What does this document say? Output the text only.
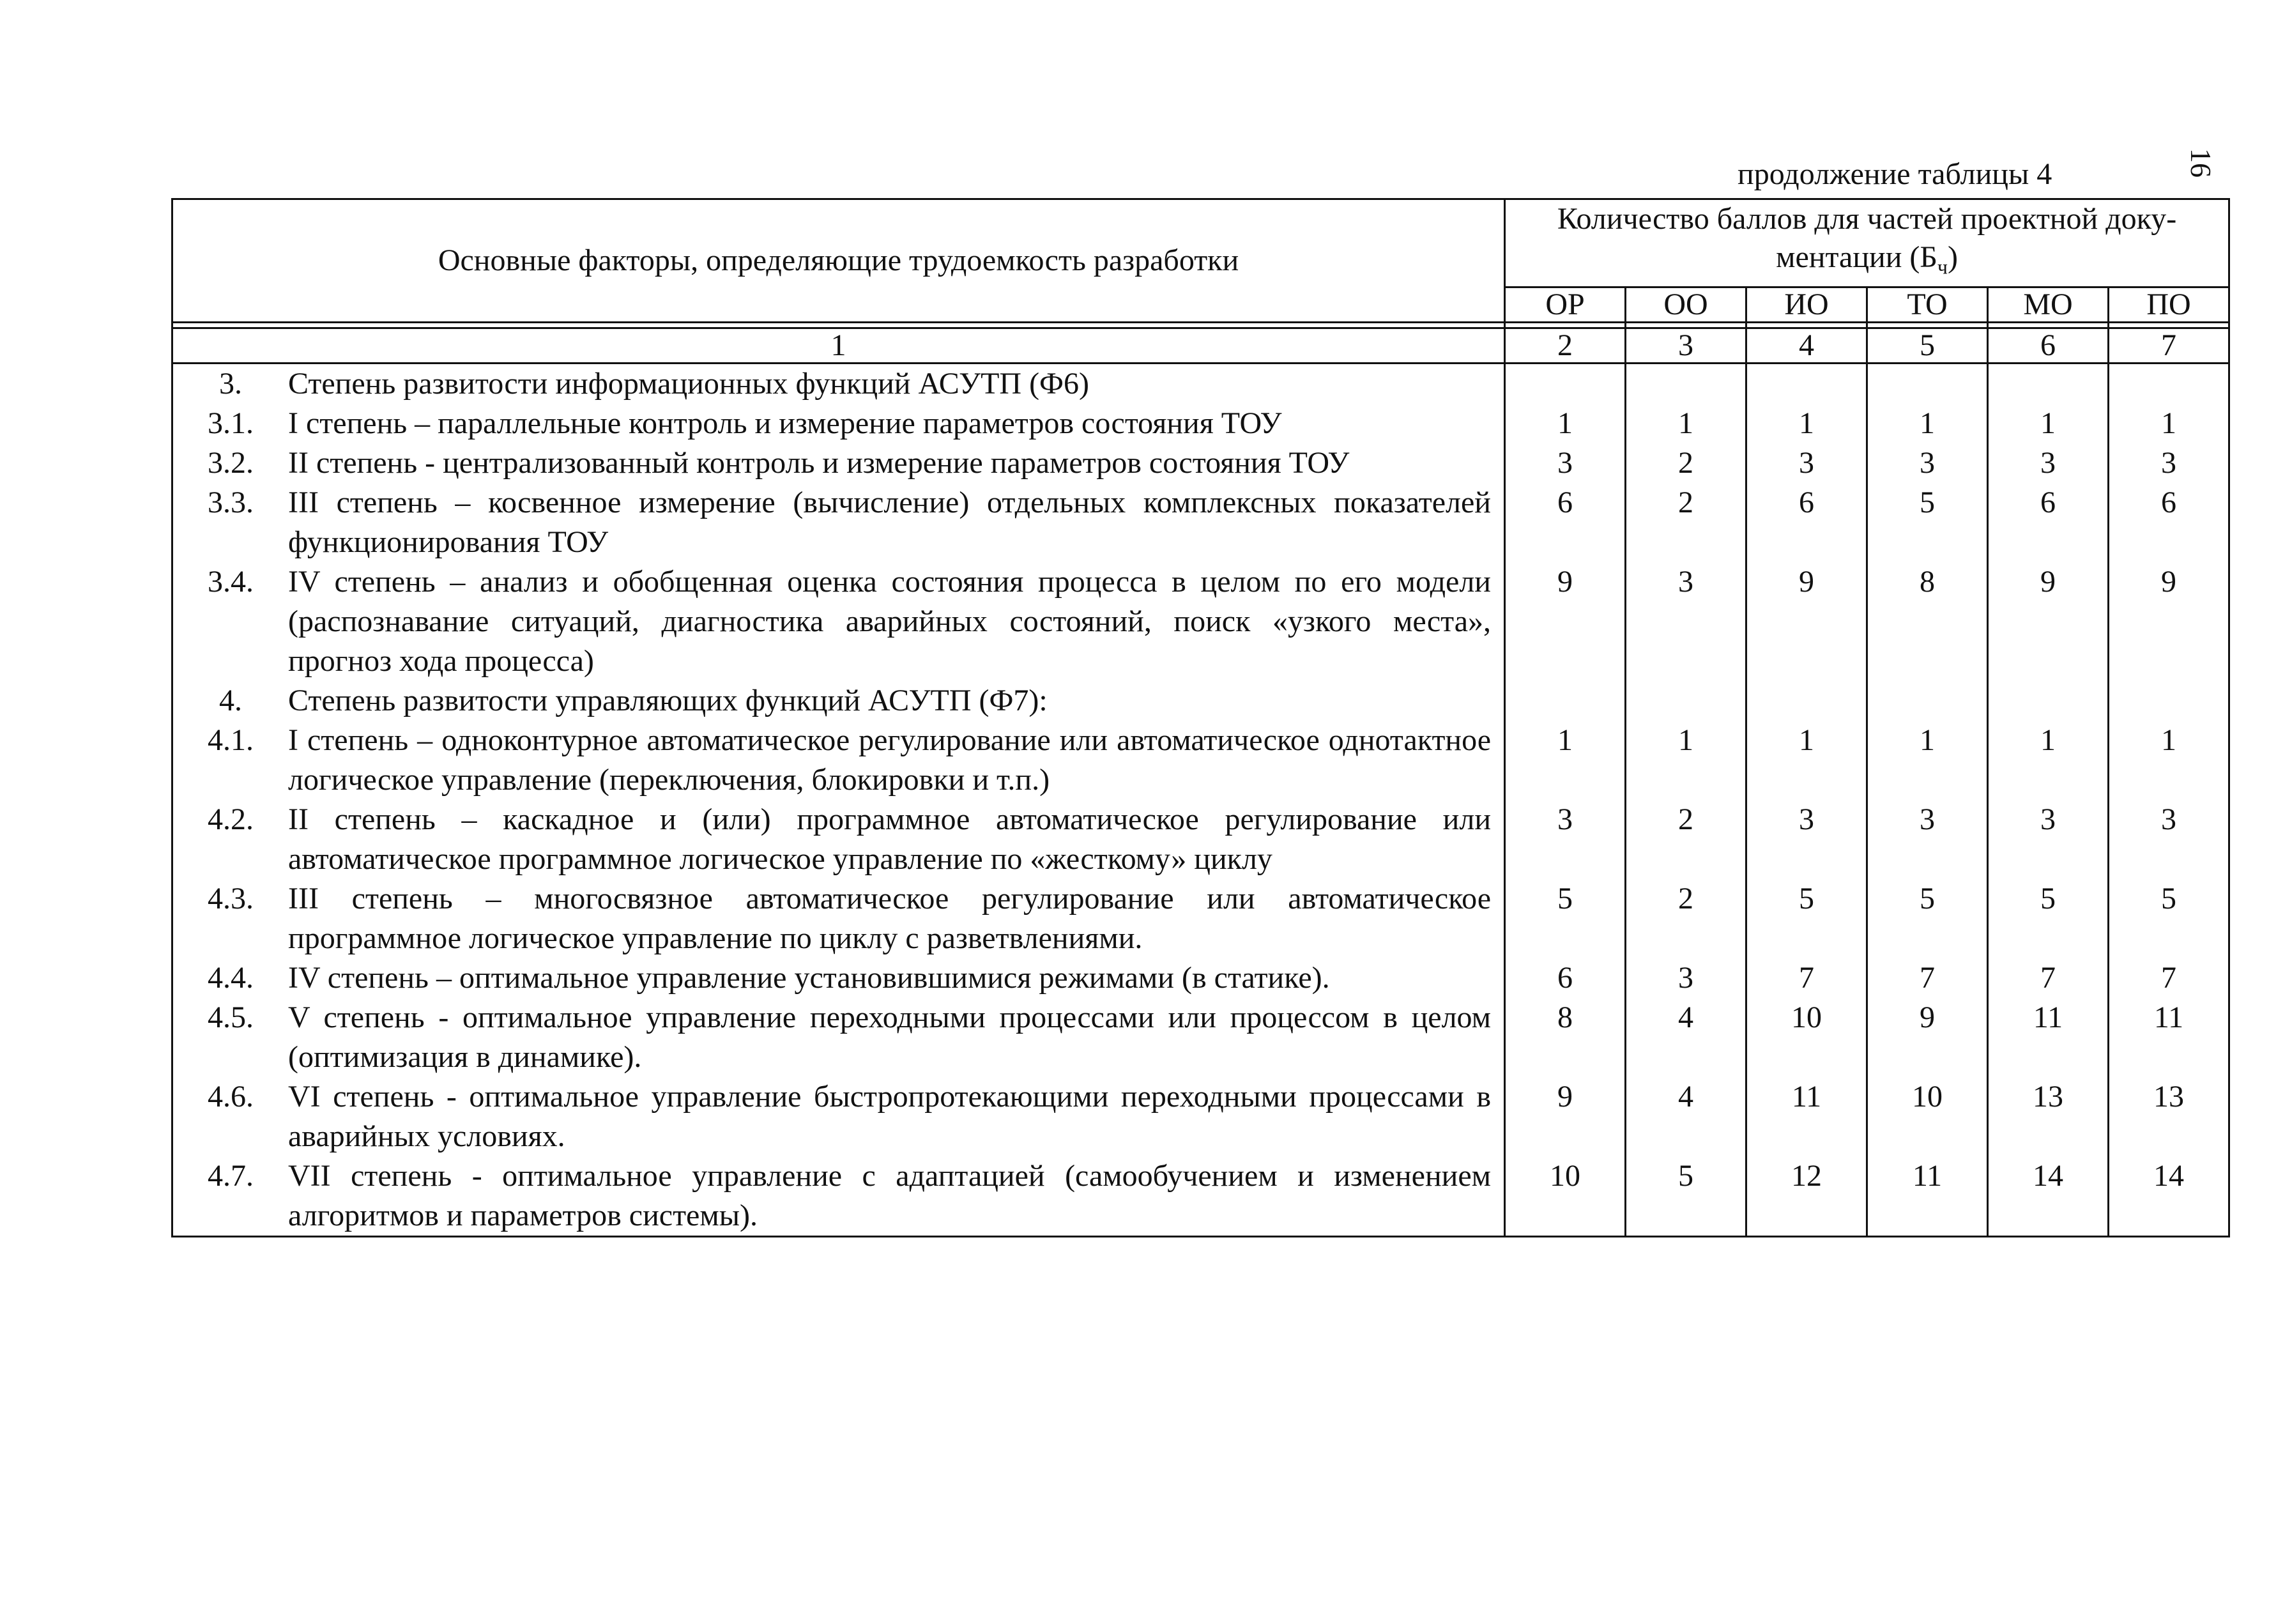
16
продолжение таблицы 4
Основные факторы, определяющие трудоемкость разработки	Количество баллов для частей проектной доку-
ментации $(Б_ч)$					
	ОР	ОО	ИО	ТО	МО	ПО

1	2	3	4	5	6	7

3. Степень развитости информационных функций АСУТП (Ф6)						

3.1. I степень – параллельные контроль и измерение параметров состояния ТОУ	1	1	1	1	1	1

3.2. II степень - централизованный контроль и измерение параметров состояния ТОУ	3	2	3	3	3	3

3.3. III степень – косвенное измерение (вычисление) отдельных комплексных показателей функционирования ТОУ	6	2	6	5	6	6

3.4. IV степень – анализ и обобщенная оценка состояния процесса в целом по его модели (распознавание ситуаций, диагностика аварийных состояний, поиск «узкого места», прогноз хода процесса)	9	3	9	8	9	9

4. Степень развитости управляющих функций АСУТП (Ф7):						

4.1. I степень – одноконтурное автоматическое регулирование или автоматическое однотактное логическое управление (переключения, блокировки и т.п.)	1	1	1	1	1	1

4.2. II степень – каскадное и (или) программное автоматическое регулирование или автоматическое программное логическое управление по «жесткому» циклу	3	2	3	3	3	3

4.3. III степень – многосвязное автоматическое регулирование или автоматическое программное логическое управление по циклу с разветвлениями.	5	2	5	5	5	5

4.4. IV степень – оптимальное управление установившимися режимами (в статике).	6	3	7	7	7	7

4.5. V степень - оптимальное управление переходными процессами или процессом в целом (оптимизация в динамике).	8	4	10	9	11	11

4.6. VI степень - оптимальное управление быстропротекающими переходными процессами в аварийных условиях.	9	4	11	10	13	13

4.7. VII степень - оптимальное управление с адаптацией (самообучением и изменением алгоритмов и параметров системы).	10	5	12	11	14	14
